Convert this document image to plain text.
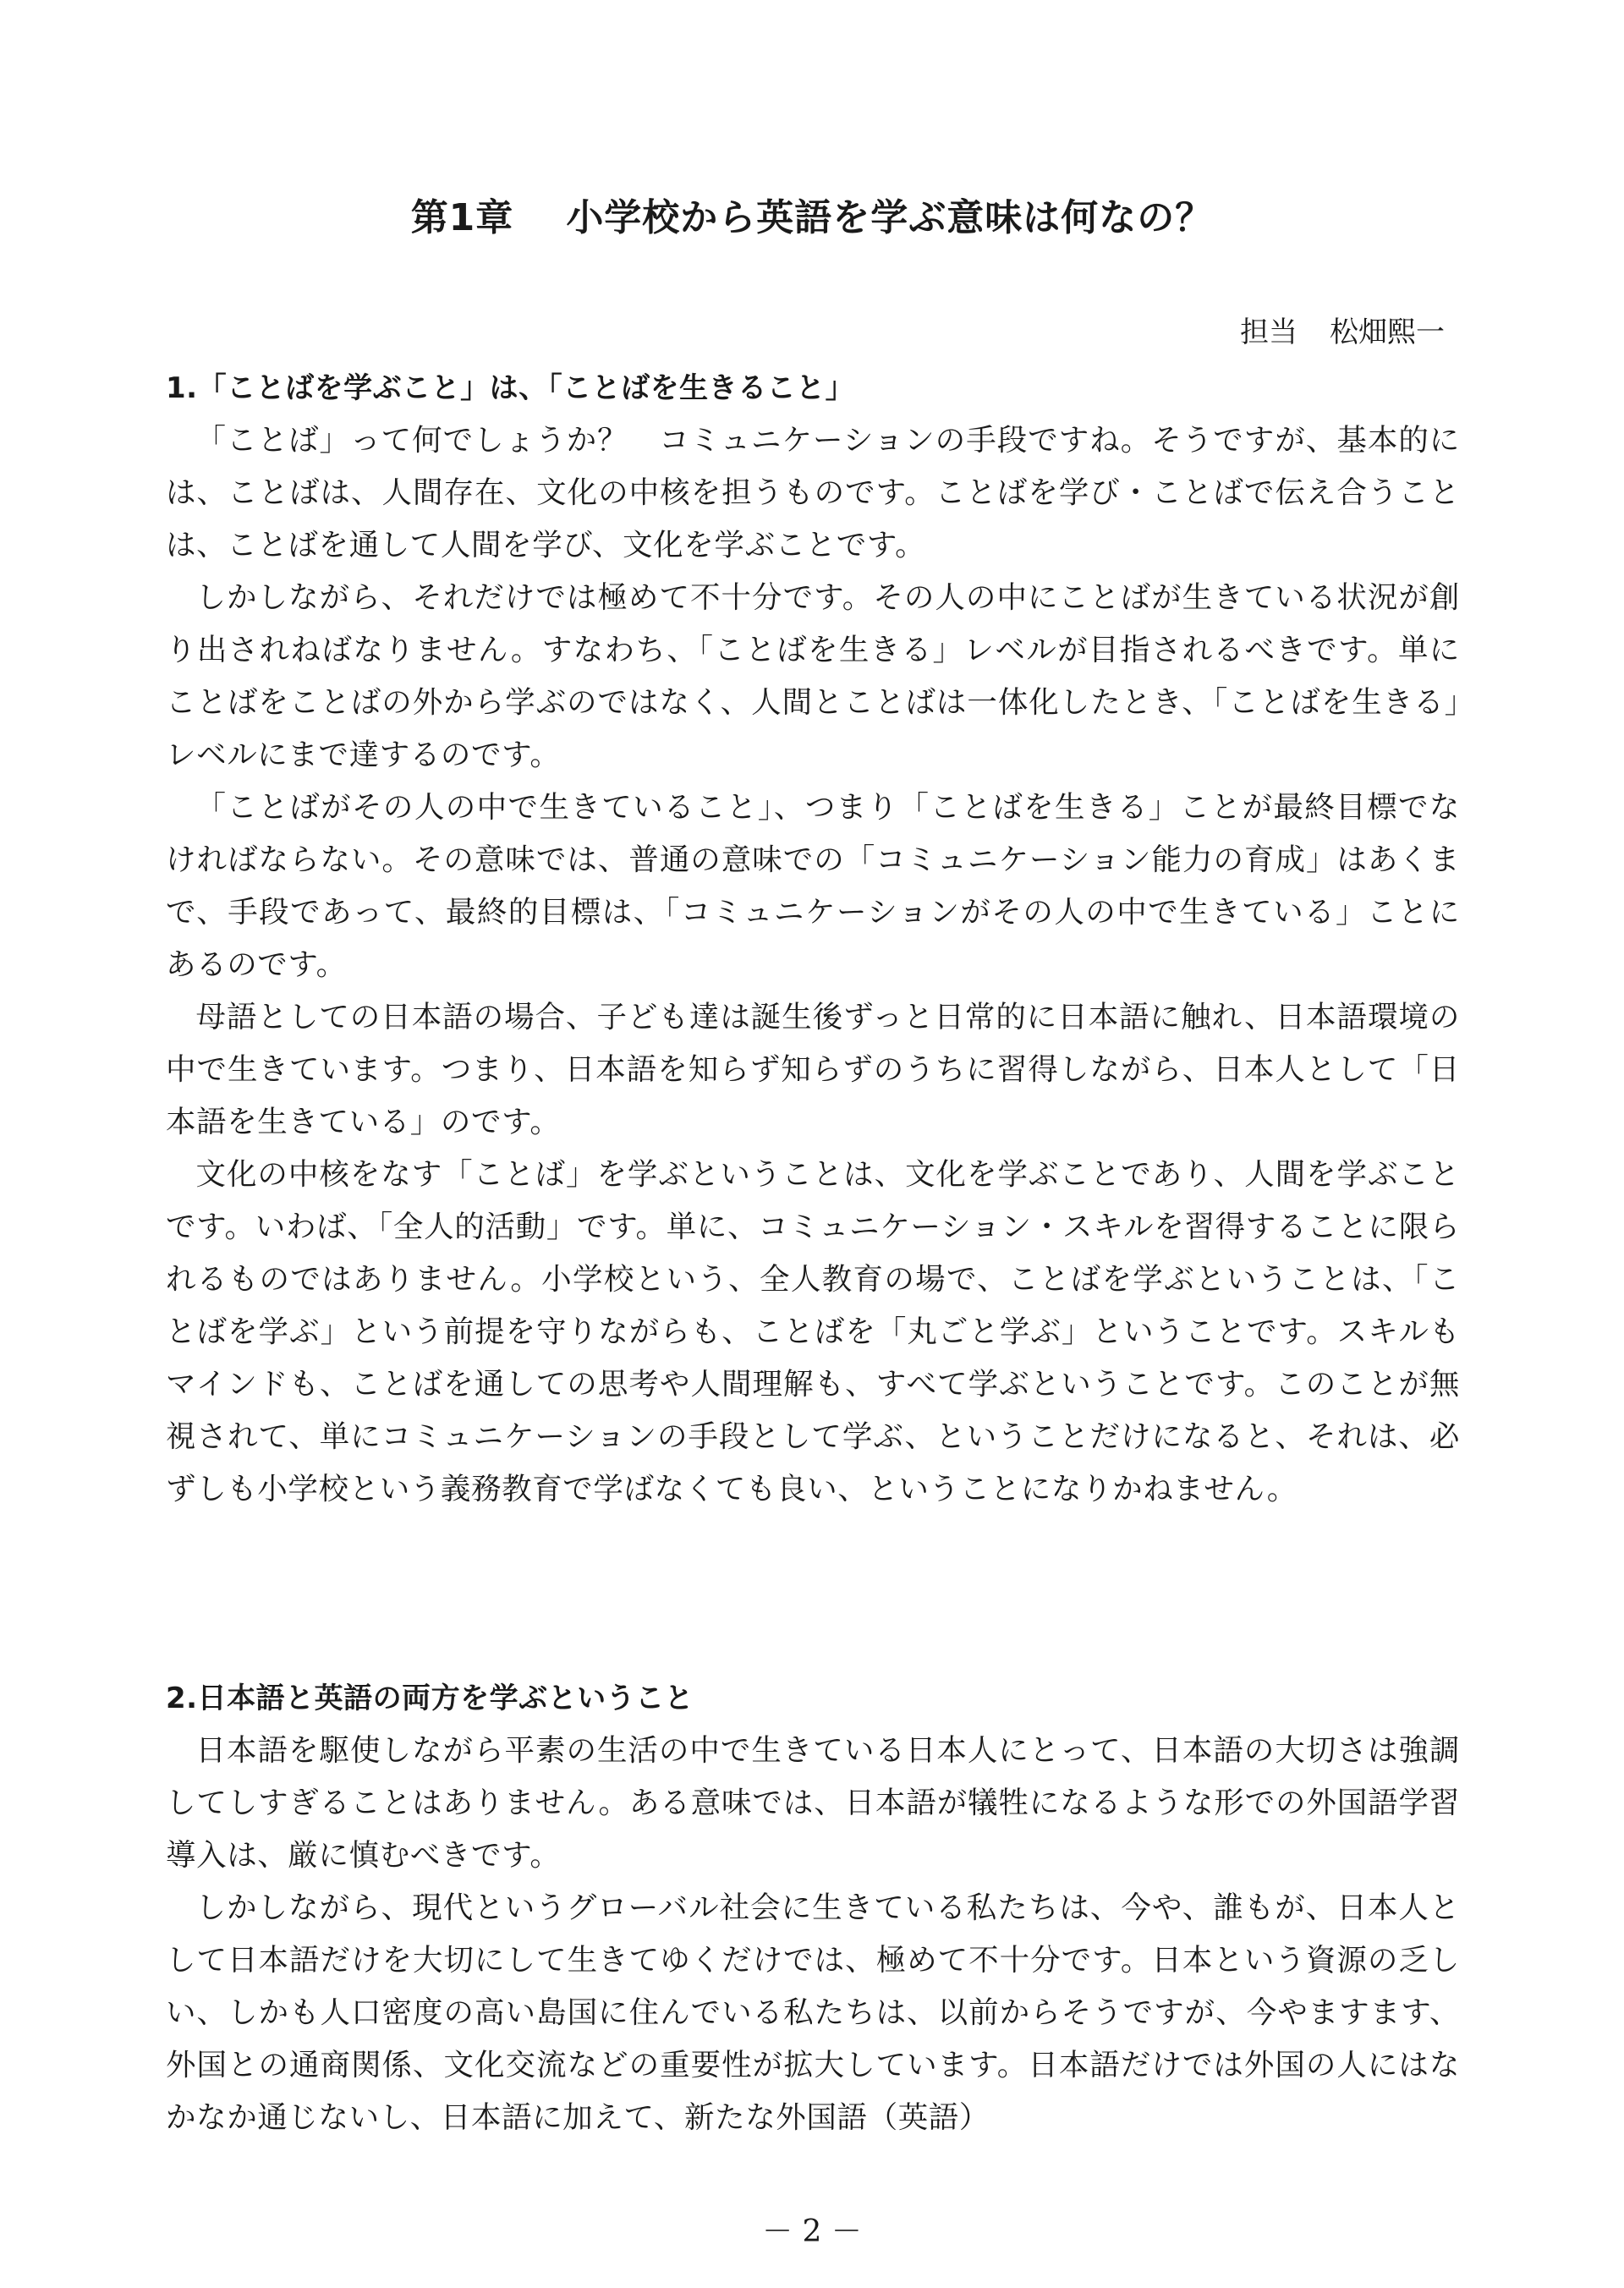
第1章 小学校から英語を学ぶ意味は何なの？
担当 松畑熙一
1.「ことばを学ぶこと」は、「ことばを生きること」

「ことば」って何でしょうか？　コミュニケーションの手段ですね。そうですが、基本的には、ことばは、人間存在、文化の中核を担うものです。ことばを学び・ことばで伝え合うことは、ことばを通して人間を学び、文化を学ぶことです。

しかしながら、それだけでは極めて不十分です。その人の中にことばが生きている状況が創り出されねばなりません。すなわち、「ことばを生きる」レベルが目指されるべきです。単にことばをことばの外から学ぶのではなく、人間とことばは一体化したとき、「ことばを生きる」レベルにまで達するのです。

「ことばがその人の中で生きていること」、つまり「ことばを生きる」ことが最終目標でなければならない。その意味では、普通の意味での「コミュニケーション能力の育成」はあくまで、手段であって、最終的目標は、「コミュニケーションがその人の中で生きている」ことにあるのです。

母語としての日本語の場合、子ども達は誕生後ずっと日常的に日本語に触れ、日本語環境の中で生きています。つまり、日本語を知らず知らずのうちに習得しながら、日本人として「日本語を生きている」のです。

文化の中核をなす「ことば」を学ぶということは、文化を学ぶことであり、人間を学ぶことです。いわば、「全人的活動」です。単に、コミュニケーション・スキルを習得することに限られるものではありません。小学校という、全人教育の場で、ことばを学ぶということは、「ことばを学ぶ」という前提を守りながらも、ことばを「丸ごと学ぶ」ということです。スキルもマインドも、ことばを通しての思考や人間理解も、すべて学ぶということです。このことが無視されて、単にコミュニケーションの手段として学ぶ、ということだけになると、それは、必ずしも小学校という義務教育で学ばなくても良い、ということになりかねません。

2.日本語と英語の両方を学ぶということ

日本語を駆使しながら平素の生活の中で生きている日本人にとって、日本語の大切さは強調してしすぎることはありません。ある意味では、日本語が犠牲になるような形での外国語学習導入は、厳に慎むべきです。

しかしながら、現代というグローバル社会に生きている私たちは、今や、誰もが、日本人として日本語だけを大切にして生きてゆくだけでは、極めて不十分です。日本という資源の乏しい、しかも人口密度の高い島国に住んでいる私たちは、以前からそうですが、今やますます、外国との通商関係、文化交流などの重要性が拡大しています。日本語だけでは外国の人にはなかなか通じないし、日本語に加えて、新たな外国語（英語）

－ 2 －
